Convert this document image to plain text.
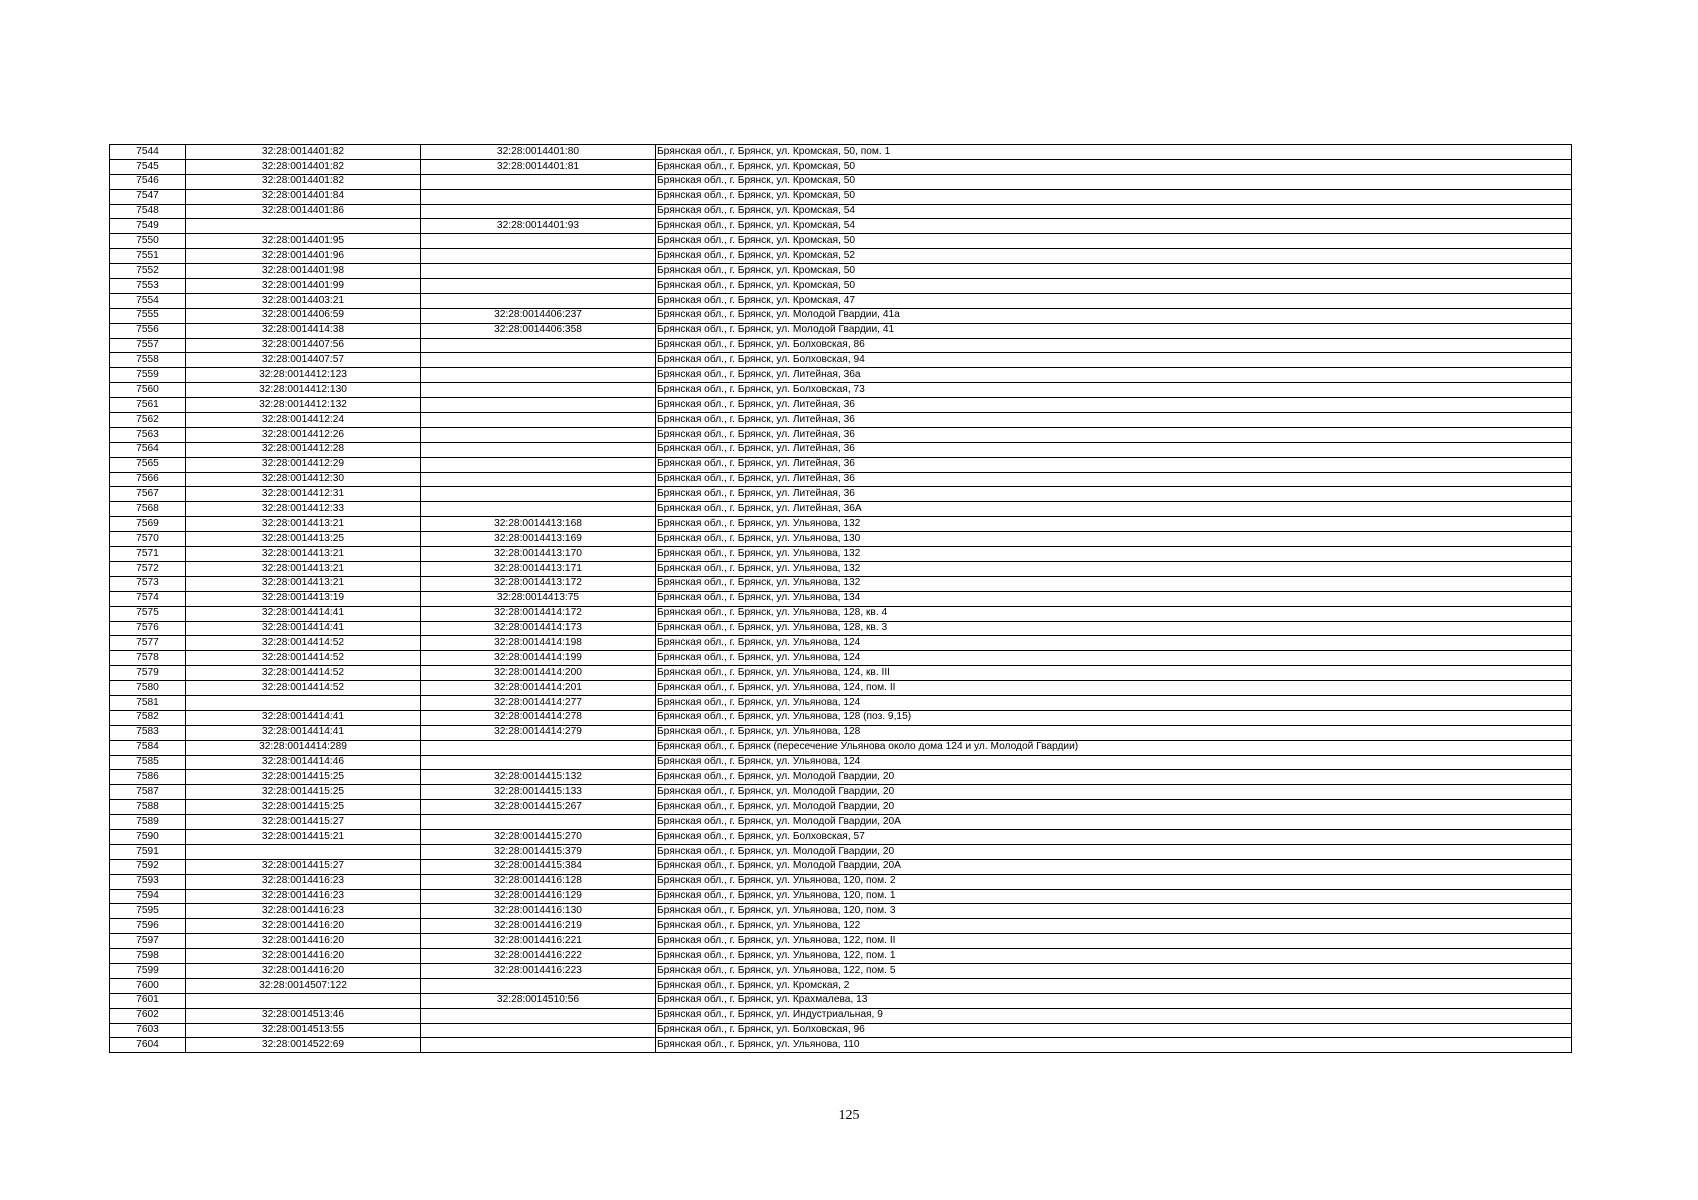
7544	32:28:0014401:82	32:28:0014401:80	Брянская обл., г. Брянск, ул. Кромская, 50, пом. 1
7545	32:28:0014401:82	32:28:0014401:81	Брянская обл., г. Брянск, ул. Кромская, 50
7546	32:28:0014401:82		Брянская обл., г. Брянск, ул. Кромская, 50
7547	32:28:0014401:84		Брянская обл., г. Брянск, ул. Кромская, 50
7548	32:28:0014401:86		Брянская обл., г. Брянск, ул. Кромская, 54
7549		32:28:0014401:93	Брянская обл., г. Брянск, ул. Кромская, 54
7550	32:28:0014401:95		Брянская обл., г. Брянск, ул. Кромская, 50
7551	32:28:0014401:96		Брянская обл., г. Брянск, ул. Кромская, 52
7552	32:28:0014401:98		Брянская обл., г. Брянск, ул. Кромская, 50
7553	32:28:0014401:99		Брянская обл., г. Брянск, ул. Кромская, 50
7554	32:28:0014403:21		Брянская обл., г. Брянск, ул. Кромская, 47
7555	32:28:0014406:59	32:28:0014406:237	Брянская обл., г. Брянск, ул. Молодой Гвардии, 41а
7556	32:28:0014414:38	32:28:0014406:358	Брянская обл., г. Брянск, ул. Молодой Гвардии, 41
7557	32:28:0014407:56		Брянская обл., г. Брянск, ул. Болховская, 86
7558	32:28:0014407:57		Брянская обл., г. Брянск, ул. Болховская, 94
7559	32:28:0014412:123		Брянская обл., г. Брянск, ул. Литейная, 36а
7560	32:28:0014412:130		Брянская обл., г. Брянск, ул. Болховская, 73
7561	32:28:0014412:132		Брянская обл., г. Брянск, ул. Литейная, 36
7562	32:28:0014412:24		Брянская обл., г. Брянск, ул. Литейная, 36
7563	32:28:0014412:26		Брянская обл., г. Брянск, ул. Литейная, 36
7564	32:28:0014412:28		Брянская обл., г. Брянск, ул. Литейная, 36
7565	32:28:0014412:29		Брянская обл., г. Брянск, ул. Литейная, 36
7566	32:28:0014412:30		Брянская обл., г. Брянск, ул. Литейная, 36
7567	32:28:0014412:31		Брянская обл., г. Брянск, ул. Литейная, 36
7568	32:28:0014412:33		Брянская обл., г. Брянск, ул. Литейная, 36А
7569	32:28:0014413:21	32:28:0014413:168	Брянская обл., г. Брянск, ул. Ульянова, 132
7570	32:28:0014413:25	32:28:0014413:169	Брянская обл., г. Брянск, ул. Ульянова, 130
7571	32:28:0014413:21	32:28:0014413:170	Брянская обл., г. Брянск, ул. Ульянова, 132
7572	32:28:0014413:21	32:28:0014413:171	Брянская обл., г. Брянск, ул. Ульянова, 132
7573	32:28:0014413:21	32:28:0014413:172	Брянская обл., г. Брянск, ул. Ульянова, 132
7574	32:28:0014413:19	32:28:0014413:75	Брянская обл., г. Брянск, ул. Ульянова, 134
7575	32:28:0014414:41	32:28:0014414:172	Брянская обл., г. Брянск, ул. Ульянова, 128, кв. 4
7576	32:28:0014414:41	32:28:0014414:173	Брянская обл., г. Брянск, ул. Ульянова, 128, кв. 3
7577	32:28:0014414:52	32:28:0014414:198	Брянская обл., г. Брянск, ул. Ульянова, 124
7578	32:28:0014414:52	32:28:0014414:199	Брянская обл., г. Брянск, ул. Ульянова, 124
7579	32:28:0014414:52	32:28:0014414:200	Брянская обл., г. Брянск, ул. Ульянова, 124, кв. III
7580	32:28:0014414:52	32:28:0014414:201	Брянская обл., г. Брянск, ул. Ульянова, 124, пом. II
7581		32:28:0014414:277	Брянская обл., г. Брянск, ул. Ульянова, 124
7582	32:28:0014414:41	32:28:0014414:278	Брянская обл., г. Брянск, ул. Ульянова, 128 (поз. 9,15)
7583	32:28:0014414:41	32:28:0014414:279	Брянская обл., г. Брянск, ул. Ульянова, 128
7584	32:28:0014414:289		Брянская обл., г. Брянск (пересечение Ульянова около дома 124 и ул. Молодой Гвардии)
7585	32:28:0014414:46		Брянская обл., г. Брянск, ул. Ульянова, 124
7586	32:28:0014415:25	32:28:0014415:132	Брянская обл., г. Брянск, ул. Молодой Гвардии, 20
7587	32:28:0014415:25	32:28:0014415:133	Брянская обл., г. Брянск, ул. Молодой Гвардии, 20
7588	32:28:0014415:25	32:28:0014415:267	Брянская обл., г. Брянск, ул. Молодой Гвардии, 20
7589	32:28:0014415:27		Брянская обл., г. Брянск, ул. Молодой Гвардии, 20А
7590	32:28:0014415:21	32:28:0014415:270	Брянская обл., г. Брянск, ул. Болховская, 57
7591		32:28:0014415:379	Брянская обл., г. Брянск, ул. Молодой Гвардии, 20
7592	32:28:0014415:27	32:28:0014415:384	Брянская обл., г. Брянск, ул. Молодой Гвардии, 20А
7593	32:28:0014416:23	32:28:0014416:128	Брянская обл., г. Брянск, ул. Ульянова, 120, пом. 2
7594	32:28:0014416:23	32:28:0014416:129	Брянская обл., г. Брянск, ул. Ульянова, 120, пом. 1
7595	32:28:0014416:23	32:28:0014416:130	Брянская обл., г. Брянск, ул. Ульянова, 120, пом. 3
7596	32:28:0014416:20	32:28:0014416:219	Брянская обл., г. Брянск, ул. Ульянова, 122
7597	32:28:0014416:20	32:28:0014416:221	Брянская обл., г. Брянск, ул. Ульянова, 122, пом. II
7598	32:28:0014416:20	32:28:0014416:222	Брянская обл., г. Брянск, ул. Ульянова, 122, пом. 1
7599	32:28:0014416:20	32:28:0014416:223	Брянская обл., г. Брянск, ул. Ульянова, 122, пом. 5
7600	32:28:0014507:122		Брянская обл., г. Брянск, ул. Кромская, 2
7601		32:28:0014510:56	Брянская обл., г. Брянск, ул. Крахмалева, 13
7602	32:28:0014513:46		Брянская обл., г. Брянск, ул. Индустриальная, 9
7603	32:28:0014513:55		Брянская обл., г. Брянск, ул. Болховская, 96
7604	32:28:0014522:69		Брянская обл., г. Брянск, ул. Ульянова, 110
125
